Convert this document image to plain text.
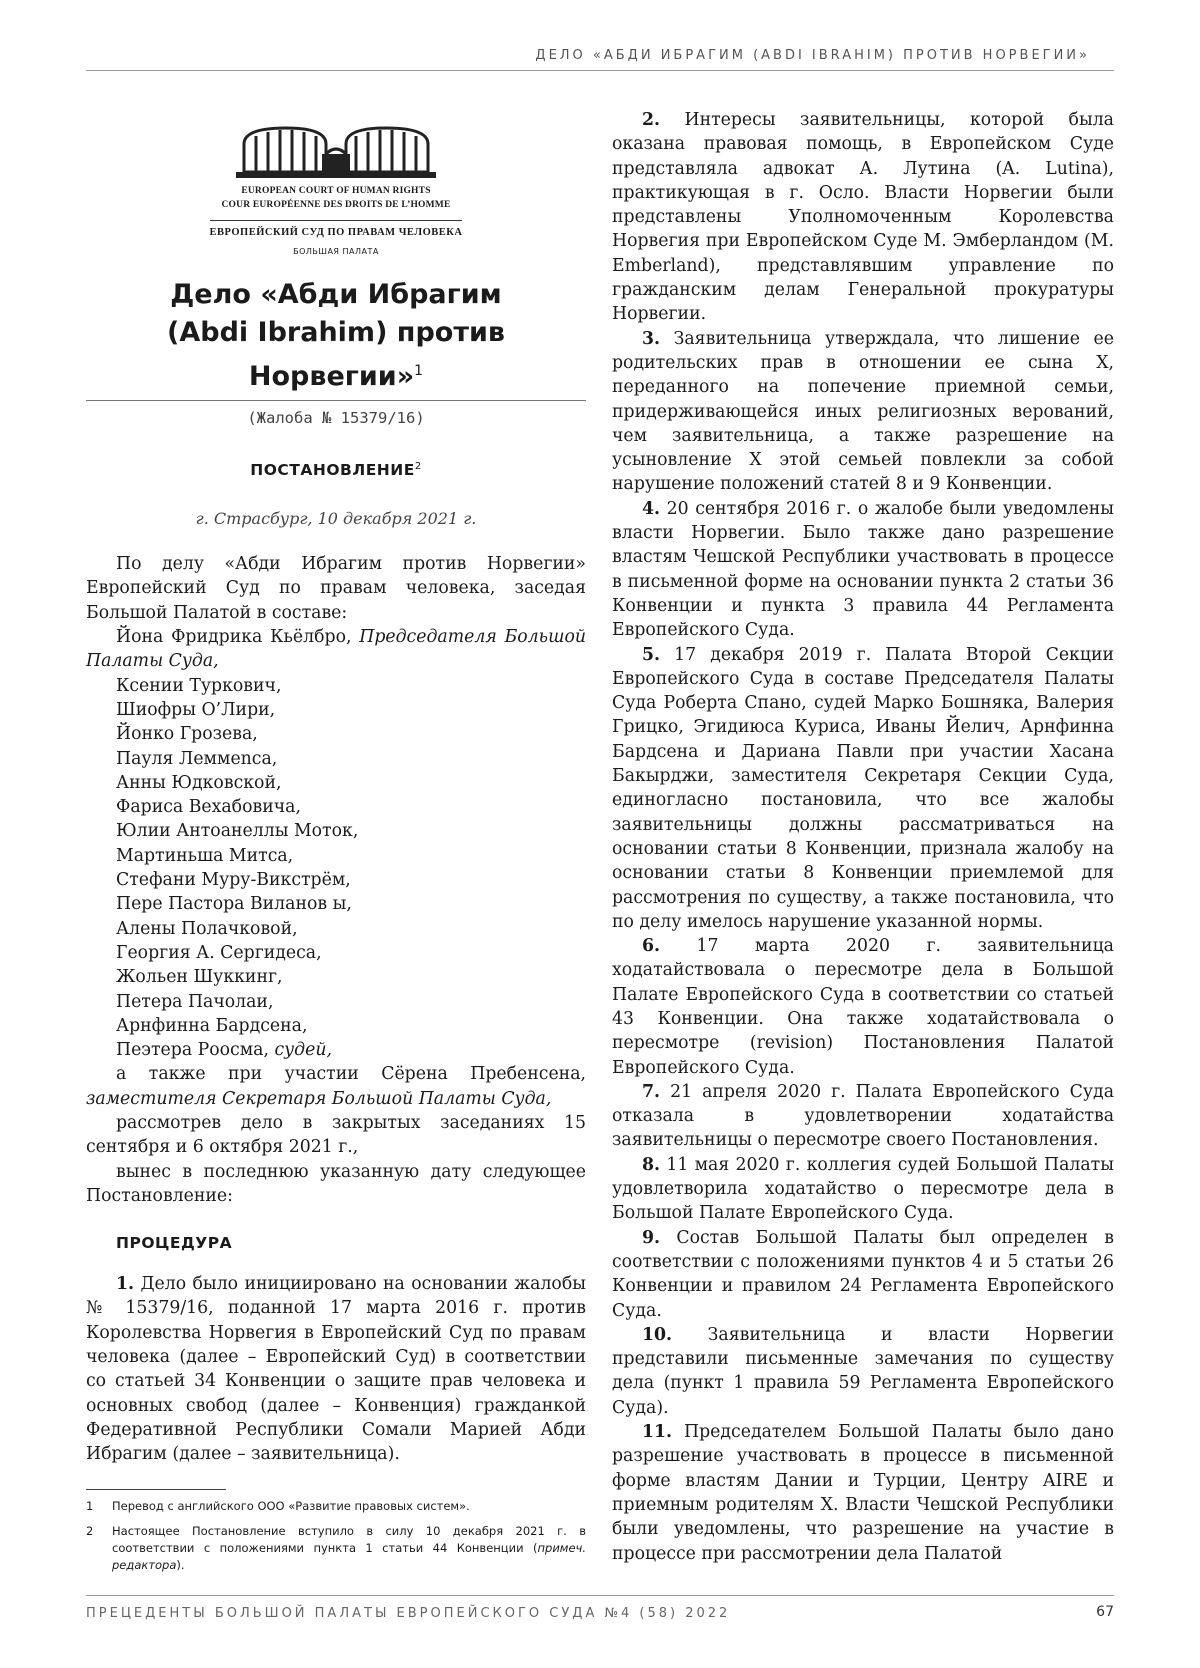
ДЕЛО «АБДИ ИБРАГИМ (ABDI IBRAHIM) ПРОТИВ НОРВЕГИИ»
EUROPEAN COURT OF HUMAN RIGHTS
COUR EUROPÉENNE DES DROITS DE L’HOMME
ЕВРОПЕЙСКИЙ СУД ПО ПРАВАМ ЧЕЛОВЕКА
БОЛЬШАЯ ПАЛАТА
Дело «Абди Ибрагим
(Abdi Ibrahim) против Норвегии»$^1$
(Жалоба № 15379/16)
ПОСТАНОВЛЕНИЕ$^2$
г. Страсбург, 10 декабря 2021 г.

По делу «Абди Ибрагим против Норвегии» Европейский Суд по правам человека, заседая Большой Палатой в составе:

Йона Фридрика Кьёлбро, Председателя Большой Палаты Суда,

Ксении Туркович,

Шиофры О’Лири,

Йонко Грозева,

Пауля Леммenса,

Анны Юдковской,

Фариса Вехабовича,

Юлии Антоанеллы Моток,

Мартиньша Митса,

Стефани Муру-Викстрём,

Пере Пастора Виланов ы,

Алены Полачковой,

Георгия А. Сергидеса,

Жольен Шуккинг,

Петера Пачолаи,

Арнфинна Бардсена,

Пеэтера Роосма, судей,

а также при участии Сёрена Пребенсена, заместителя Секретаря Большой Палаты Суда,

рассмотрев дело в закрытых заседаниях 15 сентября и 6 октября 2021 г.,

вынес в последнюю указанную дату следующее Постановление:

ПРОЦЕДУРА

1. Дело было инициировано на основании жалобы № 15379/16, поданной 17 марта 2016 г. против Королевства Норвегия в Европейский Суд по правам человека (далее – Европейский Суд) в соответствии со статьей 34 Конвенции о защите прав человека и основных свобод (далее – Конвенция) гражданкой Федеративной Республики Сомали Марией Абди Ибрагим (далее – заявительница).

1	Перевод с английского ООО «Развитие правовых систем».
2	Настоящее Постановление вступило в силу 10 декабря 2021 г. в соответствии с положениями пункта 1 статьи 44 Конвенции (примеч. редактора).

2. Интересы заявительницы, которой была оказана правовая помощь, в Европейском Суде представляла адвокат А. Лутина (A. Lutina), практикующая в г. Осло. Власти Норвегии были представлены Уполномоченным Королевства Норвегия при Европейском Суде М. Эмберландом (M. Emberland), представлявшим управление по гражданским делам Генеральной прокуратуры Норвегии.

3. Заявительница утверждала, что лишение ее родительских прав в отношении ее сына Х, переданного на попечение приемной семьи, придерживающейся иных религиозных верований, чем заявительница, а также разрешение на усыновление Х этой семьей повлекли за собой нарушение положений статей 8 и 9 Конвенции.

4. 20 сентября 2016 г. о жалобе были уведомлены власти Норвегии. Было также дано разрешение властям Чешской Республики участвовать в процессе в письменной форме на основании пункта 2 статьи 36 Конвенции и пункта 3 правила 44 Регламента Европейского Суда.

5. 17 декабря 2019 г. Палата Второй Секции Европейского Суда в составе Председателя Палаты Суда Роберта Спано, судей Марко Бошняка, Валерия Грицко, Эгидиюса Куриса, Иваны Йелич, Арнфинна Бардсена и Дариана Павли при участии Хасана Бакырджи, заместителя Секретаря Секции Суда, единогласно постановила, что все жалобы заявительницы должны рассматриваться на основании статьи 8 Конвенции, признала жалобу на основании статьи 8 Конвенции приемлемой для рассмотрения по существу, а также постановила, что по делу имелось нарушение указанной нормы.

6. 17 марта 2020 г. заявительница ходатайствовала о пересмотре дела в Большой Палате Европейского Суда в соответствии со статьей 43 Конвенции. Она также ходатайствовала о пересмотре (revision) Постановления Палатой Европейского Суда.

7. 21 апреля 2020 г. Палата Европейского Суда отказала в удовлетворении ходатайства заявительницы о пересмотре своего Постановления.

8. 11 мая 2020 г. коллегия судей Большой Палаты удовлетворила ходатайство о пересмотре дела в Большой Палате Европейского Суда.

9. Состав Большой Палаты был определен в соответствии с положениями пунктов 4 и 5 статьи 26 Конвенции и правилом 24 Регламента Европейского Суда.

10. Заявительница и власти Норвегии представили письменные замечания по существу дела (пункт 1 правила 59 Регламента Европейского Суда).

11. Председателем Большой Палаты было дано разрешение участвовать в процессе в письменной форме властям Дании и Турции, Центру AIRE и приемным родителям Х. Власти Чешской Республики были уведомлены, что разрешение на участие в процессе при рассмотрении дела Палатой

ПРЕЦЕДЕНТЫ БОЛЬШОЙ ПАЛАТЫ ЕВРОПЕЙСКОГО СУДА №4 (58) 2022	67
